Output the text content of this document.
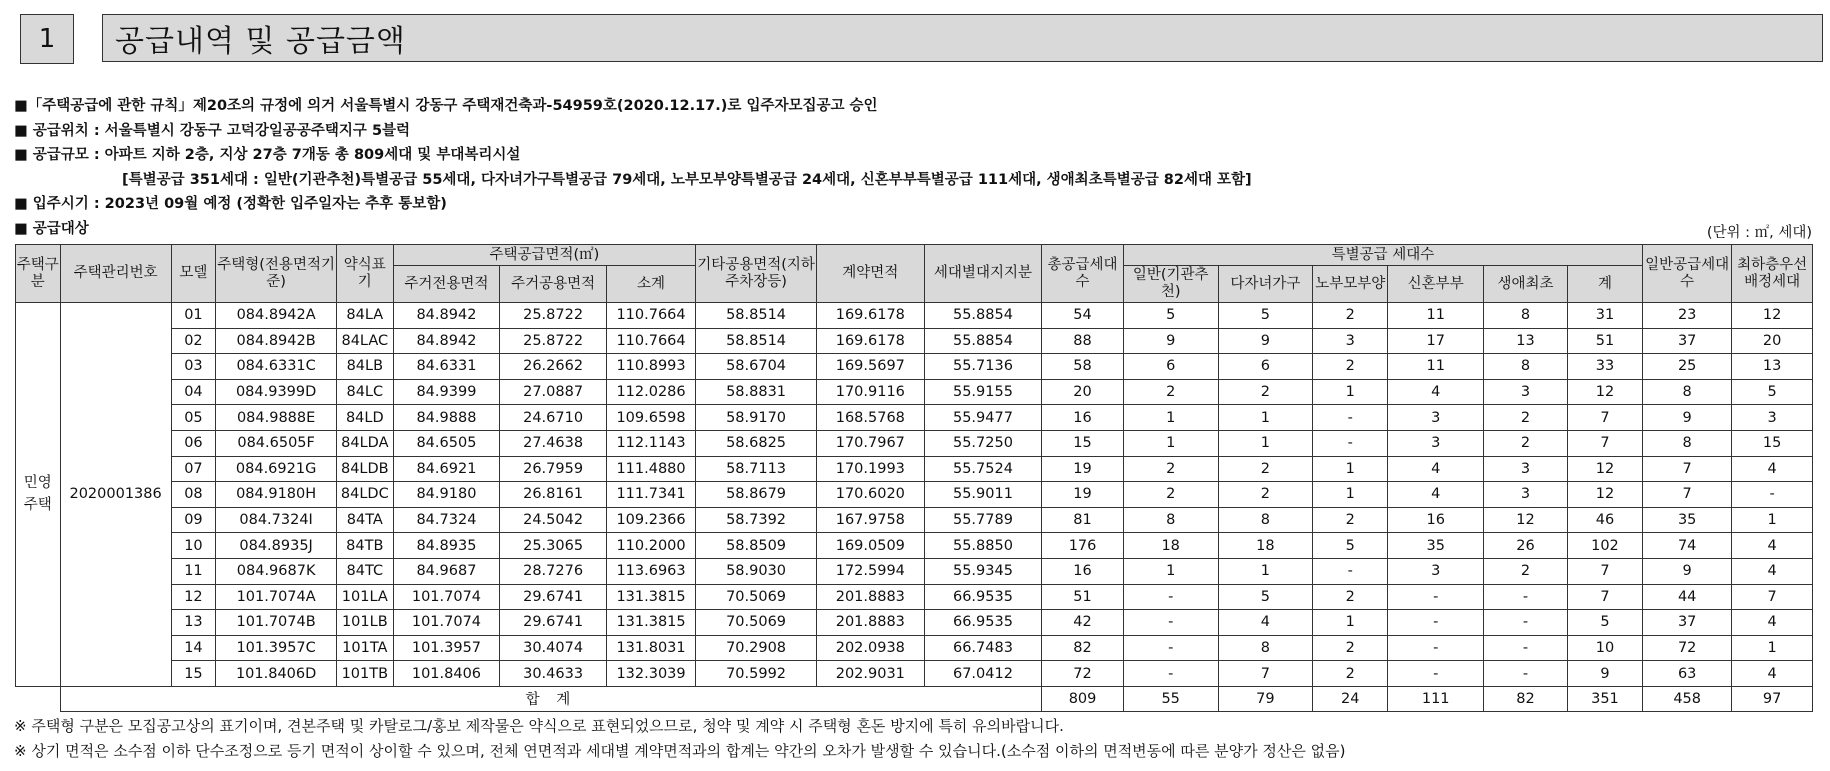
1	공급내역 및 공급금액
■「주택공급에 관한 규칙」제20조의 규정에 의거 서울특별시 강동구 주택재건축과-54959호(2020.12.17.)로 입주자모집공고 승인
■ 공급위치 : 서울특별시 강동구 고덕강일공공주택지구 5블럭
■ 공급규모 : 아파트 지하 2층, 지상 27층 7개동 총 809세대 및 부대복리시설
[특별공급 351세대 : 일반(기관추천)특별공급 55세대, 다자녀가구특별공급 79세대, 노부모부양특별공급 24세대, 신혼부부특별공급 111세대, 생애최초특별공급 82세대 포함]
■ 입주시기 : 2023년 09월 예정 (정확한 입주일자는 추후 통보함)
■ 공급대상	(단위 : ㎡, 세대)
주택구분	주택관리번호	모델	주택형(전용면적기준)	약식표기	주택공급면적(㎡)			기타공용면적(지하주차장등)	계약면적	세대별대지지분	총공급세대수	특별공급 세대수						일반공급세대수	최하층우선배정세대
					주거전용면적	주거공용면적	소계					일반(기관추천)	다자녀가구	노부모부양	신혼부부	생애최초	계		
민영 주택	2020001386	01	084.8942A	84LA	84.8942	25.8722	110.7664	58.8514	169.6178	55.8854	54	5	5	2	11	8	31	23	12
		02	084.8942B	84LAC	84.8942	25.8722	110.7664	58.8514	169.6178	55.8854	88	9	9	3	17	13	51	37	20
		03	084.6331C	84LB	84.6331	26.2662	110.8993	58.6704	169.5697	55.7136	58	6	6	2	11	8	33	25	13
		04	084.9399D	84LC	84.9399	27.0887	112.0286	58.8831	170.9116	55.9155	20	2	2	1	4	3	12	8	5
		05	084.9888E	84LD	84.9888	24.6710	109.6598	58.9170	168.5768	55.9477	16	1	1	-	3	2	7	9	3
		06	084.6505F	84LDA	84.6505	27.4638	112.1143	58.6825	170.7967	55.7250	15	1	1	-	3	2	7	8	15
		07	084.6921G	84LDB	84.6921	26.7959	111.4880	58.7113	170.1993	55.7524	19	2	2	1	4	3	12	7	4
		08	084.9180H	84LDC	84.9180	26.8161	111.7341	58.8679	170.6020	55.9011	19	2	2	1	4	3	12	7	-
		09	084.7324I	84TA	84.7324	24.5042	109.2366	58.7392	167.9758	55.7789	81	8	8	2	16	12	46	35	1
		10	084.8935J	84TB	84.8935	25.3065	110.2000	58.8509	169.0509	55.8850	176	18	18	5	35	26	102	74	4
		11	084.9687K	84TC	84.9687	28.7276	113.6963	58.9030	172.5994	55.9345	16	1	1	-	3	2	7	9	4
		12	101.7074A	101LA	101.7074	29.6741	131.3815	70.5069	201.8883	66.9535	51	-	5	2	-	-	7	44	7
		13	101.7074B	101LB	101.7074	29.6741	131.3815	70.5069	201.8883	66.9535	42	-	4	1	-	-	5	37	4
		14	101.3957C	101TA	101.3957	30.4074	131.8031	70.2908	202.0938	66.7483	82	-	8	2	-	-	10	72	1
		15	101.8406D	101TB	101.8406	30.4633	132.3039	70.5992	202.9031	67.0412	72	-	7	2	-	-	9	63	4
	합 계										809	55	79	24	111	82	351	458	97
※ 주택형 구분은 모집공고상의 표기이며, 견본주택 및 카탈로그/홍보 제작물은 약식으로 표현되었으므로, 청약 및 계약 시 주택형 혼돈 방지에 특히 유의바랍니다.
※ 상기 면적은 소수점 이하 단수조정으로 등기 면적이 상이할 수 있으며, 전체 연면적과 세대별 계약면적과의 합계는 약간의 오차가 발생할 수 있습니다.(소수점 이하의 면적변동에 따른 분양가 정산은 없음)
